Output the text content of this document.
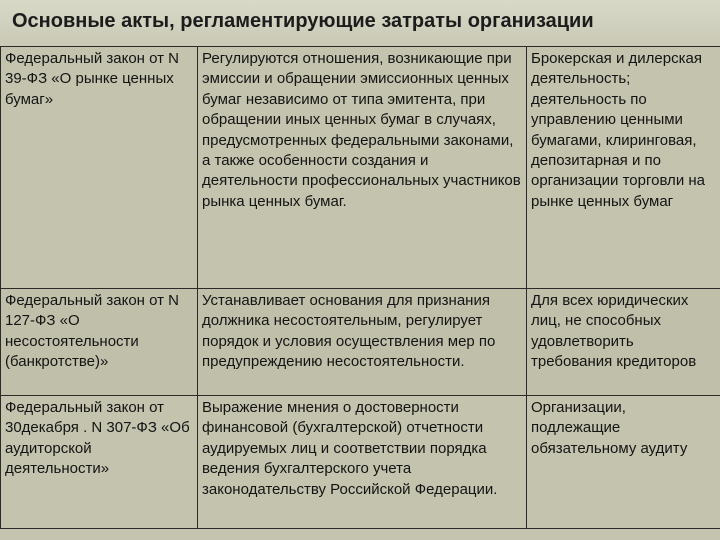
Основные акты, регламентирующие затраты организации
Федеральный закон от N 39-ФЗ «О рынке ценных бумаг»	Регулируются отношения, возникающие при эмиссии и обращении эмиссионных ценных бумаг независимо от типа эмитента, при обращении иных ценных бумаг в случаях, предусмотренных федеральными законами, а также особенности создания и деятельности профессиональных участников рынка ценных бумаг.	Брокерская и дилерская деятельность; деятельность по управлению ценными бумагами, клиринговая, депозитарная и по организации торговли на рынке ценных бумаг

Федеральный закон от N 127-ФЗ «О несостоятельности (банкротстве)»	Устанавливает основания для признания должника несостоятельным, регулирует порядок и условия осуществления мер по предупреждению несостоятельности.	Для всех юридических лиц, не способных удовлетворить требования кредиторов

Федеральный закон от 30декабря . N 307-ФЗ «Об аудиторской деятельности»	Выражение мнения о достоверности финансовой (бухгалтерской) отчетности аудируемых лиц и соответствии порядка ведения бухгалтерского учета законодательству Российской Федерации.	Организации, подлежащие обязательному аудиту
